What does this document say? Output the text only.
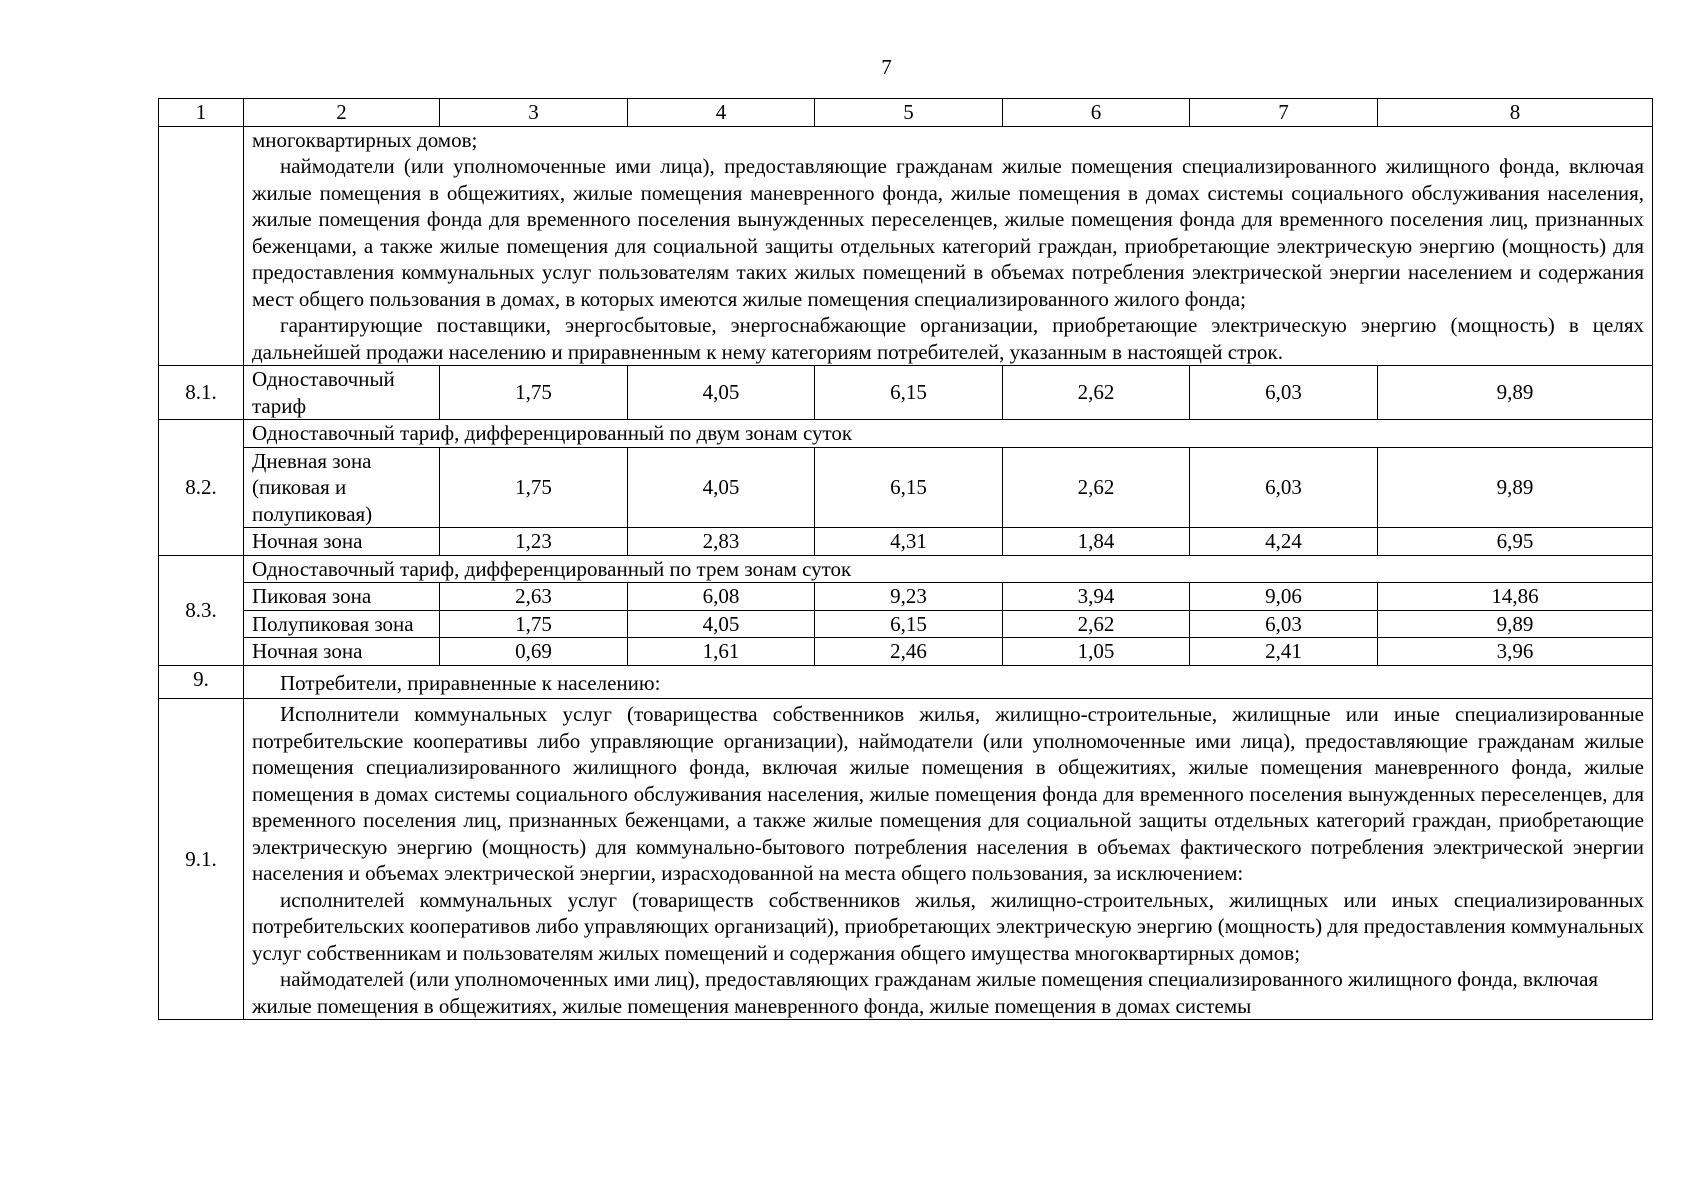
7
1	2	3	4	5	6	7	8

	многоквартирных домов;

наймодатели (или уполномоченные ими лица), предоставляющие гражданам жилые помещения специализированного жилищного фонда, включая жилые помещения в общежитиях, жилые помещения маневренного фонда, жилые помещения в домах системы социального обслуживания населения, жилые помещения фонда для временного поселения вынужденных переселенцев, жилые помещения фонда для временного поселения лиц, признанных беженцами, а также жилые помещения для социальной защиты отдельных категорий граждан, приобретающие электрическую энергию (мощность) для предоставления коммунальных услуг пользователям таких жилых помещений в объемах потребления электрической энергии населением и содержания мест общего пользования в домах, в которых имеются жилые помещения специализированного жилого фонда;

гарантирующие поставщики, энергосбытовые, энергоснабжающие организации, приобретающие электрическую энергию (мощность) в целях дальнейшей продажи населению и приравненным к нему категориям потребителей, указанным в настоящей строк.						

8.1.	Одноставочный тариф	1,75	4,05	6,15	2,62	6,03	9,89
8.2.	Одноставочный тариф, дифференцированный по двум зонам суток						
	Дневная зона (пиковая и полупиковая)	1,75	4,05	6,15	2,62	6,03	9,89
	Ночная зона	1,23	2,83	4,31	1,84	4,24	6,95
8.3.	Одноставочный тариф, дифференцированный по трем зонам суток						
	Пиковая зона	2,63	6,08	9,23	3,94	9,06	14,86
	Полупиковая зона	1,75	4,05	6,15	2,62	6,03	9,89
	Ночная зона	0,69	1,61	2,46	1,05	2,41	3,96
9.	Потребители, приравненные к населению:						

9.1.	Исполнители коммунальных услуг (товарищества собственников жилья, жилищно-строительные, жилищные или иные специализированные потребительские кооперативы либо управляющие организации), наймодатели (или уполномоченные ими лица), предоставляющие гражданам жилые помещения специализированного жилищного фонда, включая жилые помещения в общежитиях, жилые помещения маневренного фонда, жилые помещения в домах системы социального обслуживания населения, жилые помещения фонда для временного поселения вынужденных переселенцев, для временного поселения лиц, признанных беженцами, а также жилые помещения для социальной защиты отдельных категорий граждан, приобретающие электрическую энергию (мощность) для коммунально-бытового потребления населения в объемах фактического потребления электрической энергии населения и объемах электрической энергии, израсходованной на места общего пользования, за исключением:

исполнителей коммунальных услуг (товариществ собственников жилья, жилищно-строительных, жилищных или иных специализированных потребительских кооперативов либо управляющих организаций), приобретающих электрическую энергию (мощность) для предоставления коммунальных услуг собственникам и пользователям жилых помещений и содержания общего имущества многоквартирных домов;

наймодателей (или уполномоченных ими лиц), предоставляющих гражданам жилые помещения специализированного жилищного фонда, включая жилые помещения в общежитиях, жилые помещения маневренного фонда, жилые помещения в домах системы						
